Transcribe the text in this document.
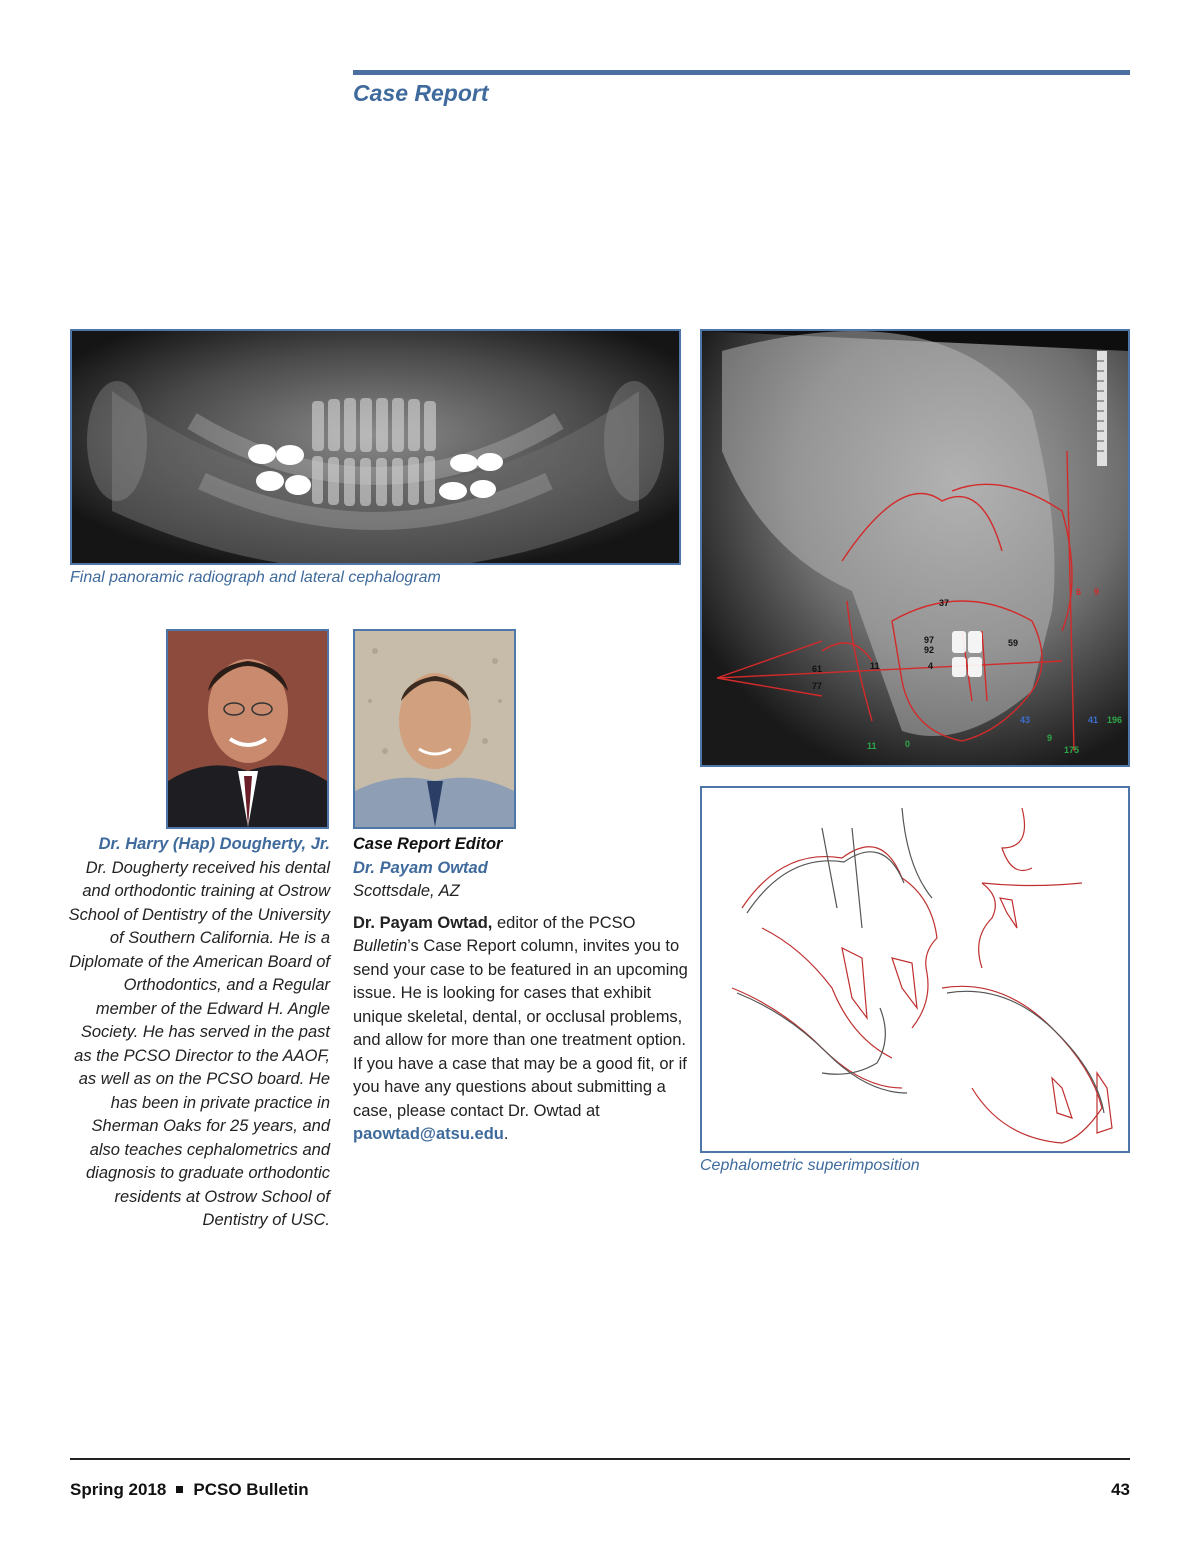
Case Report
Final panoramic radiograph and lateral cephalogram
37
97
92
4
59
61
77
11
11	0
41 196
175
9
6 9
43
Cephalometric superimposition
Dr. Harry (Hap) Dougherty, Jr.
Dr. Dougherty received his dental and orthodontic training at Ostrow School of Dentistry of the University of Southern California. He is a Diplomate of the American Board of Orthodontics, and a Regular member of the Edward H. Angle Society. He has served in the past as the PCSO Director to the AAOF, as well as on the PCSO board. He has been in private practice in Sherman Oaks for 25 years, and also teaches cephalometrics and diagnosis to graduate orthodontic residents at Ostrow School of Dentistry of USC.
Case Report Editor
Dr. Payam Owtad
Scottsdale, AZ
Dr. Payam Owtad, editor of the PCSO Bulletin’s Case Report column, invites you to send your case to be featured in an upcoming issue. He is looking for cases that exhibit unique skeletal, dental, or occlusal problems, and allow for more than one treatment option. If you have a case that may be a good fit, or if you have any questions about submitting a case, please contact Dr. Owtad at paowtad@atsu.edu.
Spring 2018 PCSO Bulletin	43
